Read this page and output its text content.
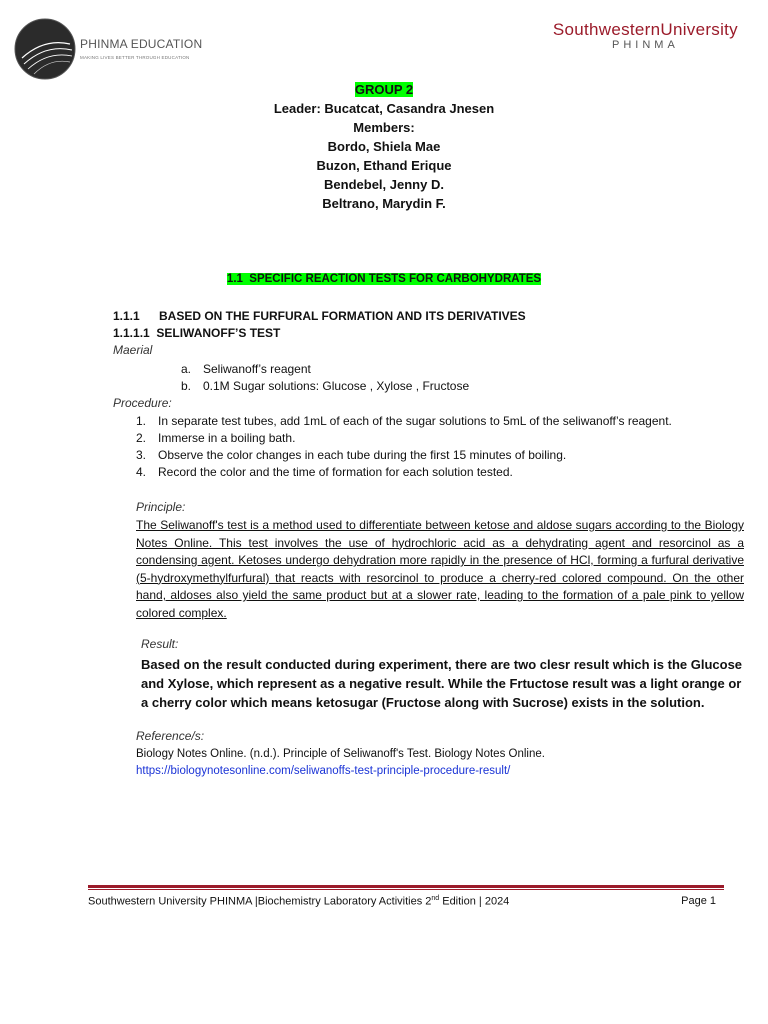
PHINMA EDUCATION
MAKING LIVES BETTER THROUGH EDUCATION
SouthwesternUniversity
PHINMA
GROUP 2
Leader: Bucatcat, Casandra Jnesen
Members:
Bordo, Shiela Mae
Buzon, Ethand Erique
Bendebel, Jenny D.
Beltrano, Marydin F.
1.1  SPECIFIC REACTION TESTS FOR CARBOHYDRATES
1.1.1 BASED ON THE FURFURAL FORMATION AND ITS DERIVATIVES
1.1.1.1  SELIWANOFF’S TEST
Maerial
a. Seliwanoff’s reagent
b. 0.1M Sugar solutions: Glucose , Xylose , Fructose
Procedure:
1. In separate test tubes, add 1mL of each of the sugar solutions to 5mL of the seliwanoff’s reagent.
2. Immerse in a boiling bath.
3. Observe the color changes in each tube during the first 15 minutes of boiling.
4. Record the color and the time of formation for each solution tested.
Principle:
The Seliwanoff's test is a method used to differentiate between ketose and aldose sugars according to the Biology Notes Online. This test involves the use of hydrochloric acid as a dehydrating agent and resorcinol as a condensing agent. Ketoses undergo dehydration more rapidly in the presence of HCl, forming a furfural derivative (5-hydroxymethylfurfural) that reacts with resorcinol to produce a cherry-red colored compound. On the other hand, aldoses also yield the same product but at a slower rate, leading to the formation of a pale pink to yellow colored complex.
Result:
Based on the result conducted during experiment, there are two clesr result which is the Glucose and Xylose, which represent as a negative result. While the Frtuctose result was a light orange or a cherry color which means ketosugar (Fructose along with Sucrose) exists in the solution.
Reference/s:
Biology Notes Online. (n.d.). Principle of Seliwanoff's Test. Biology Notes Online. https://biologynotesonline.com/seliwanoffs-test-principle-procedure-result/
Southwestern University PHINMA |Biochemistry Laboratory Activities 2nd Edition | 2024	Page 1
